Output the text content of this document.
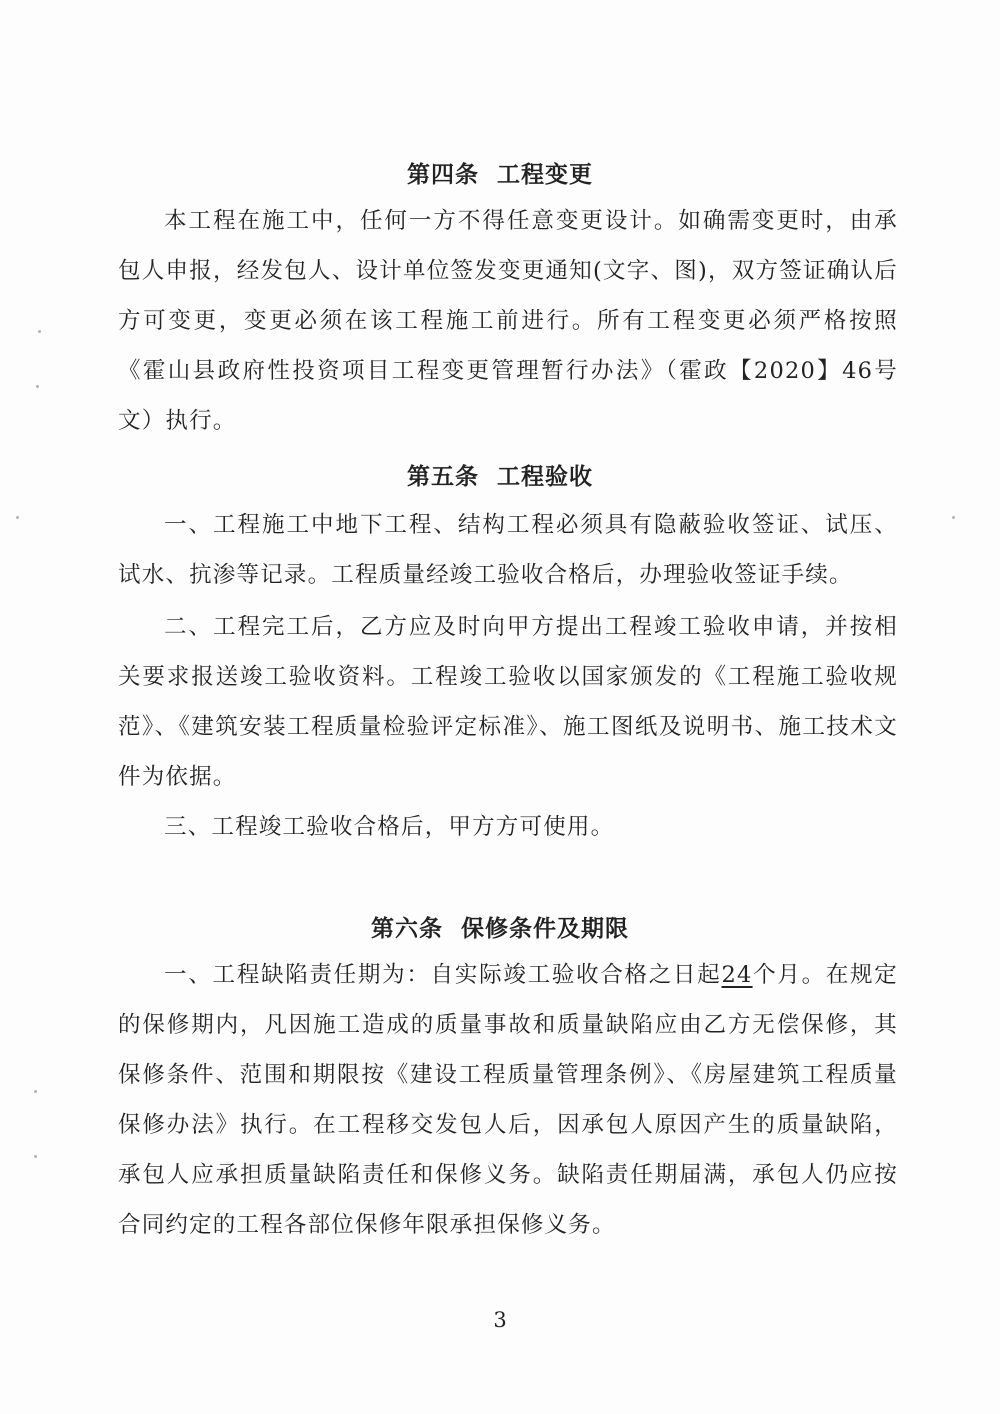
第四条  工程变更
本工程在施工中，任何一方不得任意变更设计。如确需变更时，由承包人申报，经发包人、设计单位签发变更通知(文字、图)，双方签证确认后方可变更，变更必须在该工程施工前进行。所有工程变更必须严格按照《霍山县政府性投资项目工程变更管理暂行办法》（霍政【2020】46号文）执行。
第五条  工程验收
一、工程施工中地下工程、结构工程必须具有隐蔽验收签证、试压、试水、抗渗等记录。工程质量经竣工验收合格后，办理验收签证手续。
二、工程完工后，乙方应及时向甲方提出工程竣工验收申请，并按相关要求报送竣工验收资料。工程竣工验收以国家颁发的《工程施工验收规范》、《建筑安装工程质量检验评定标准》、施工图纸及说明书、施工技术文件为依据。
三、工程竣工验收合格后，甲方方可使用。
第六条  保修条件及期限
一、工程缺陷责任期为：自实际竣工验收合格之日起24个月。在规定的保修期内，凡因施工造成的质量事故和质量缺陷应由乙方无偿保修，其保修条件、范围和期限按《建设工程质量管理条例》、《房屋建筑工程质量保修办法》执行。在工程移交发包人后，因承包人原因产生的质量缺陷，承包人应承担质量缺陷责任和保修义务。缺陷责任期届满，承包人仍应按合同约定的工程各部位保修年限承担保修义务。
3
